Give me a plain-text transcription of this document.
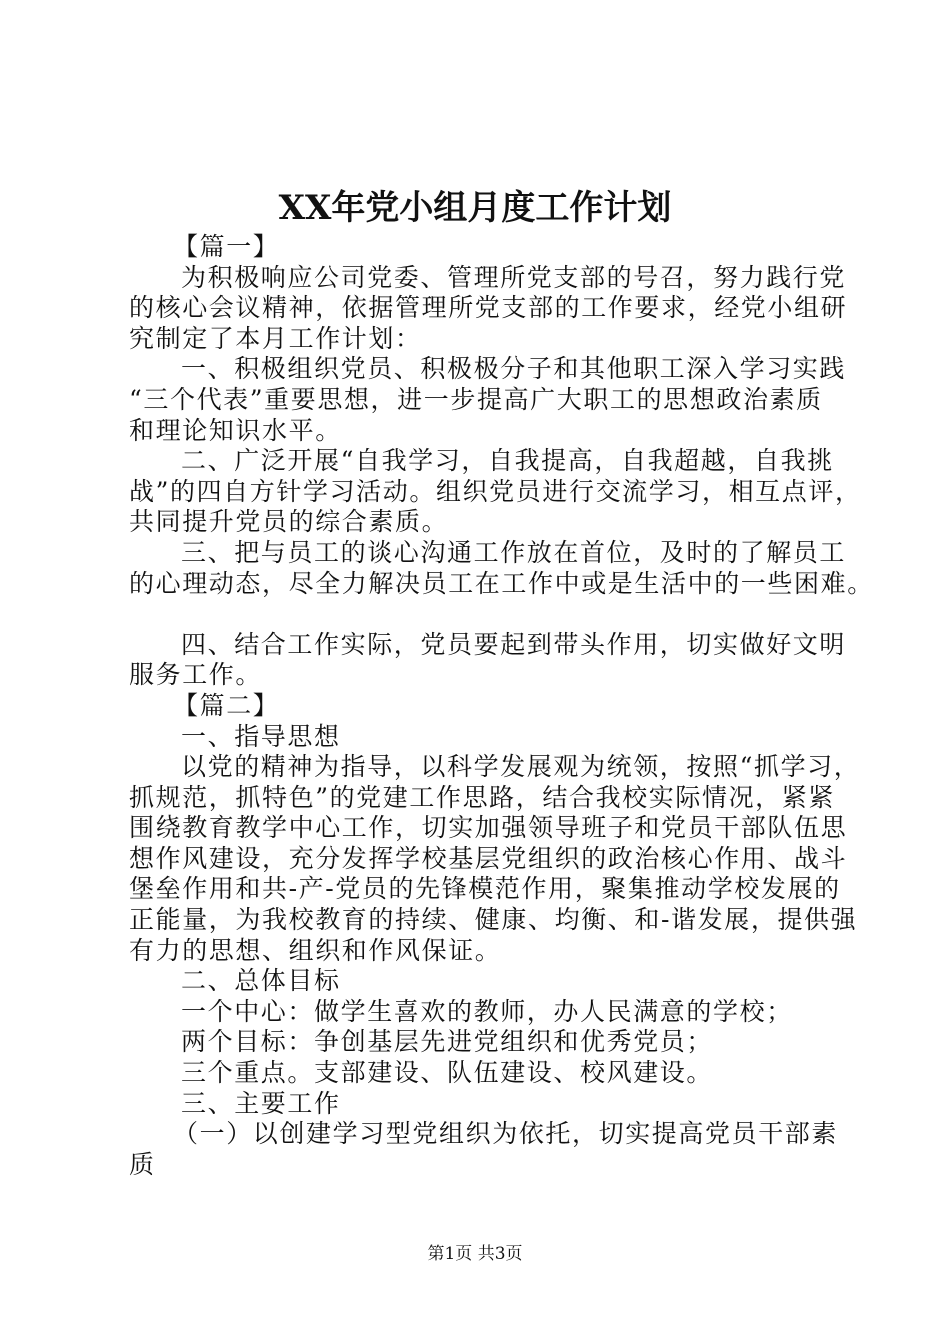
XX年党小组月度工作计划
【篇一】
为积极响应公司党委、管理所党支部的号召，努力践行党
的核心会议精神，依据管理所党支部的工作要求，经党小组研
究制定了本月工作计划：
一、积极组织党员、积极极分子和其他职工深入学习实践
“三个代表”重要思想，进一步提高广大职工的思想政治素质
和理论知识水平。
二、广泛开展“自我学习，自我提高，自我超越，自我挑
战”的四自方针学习活动。组织党员进行交流学习，相互点评，
共同提升党员的综合素质。
三、把与员工的谈心沟通工作放在首位，及时的了解员工
的心理动态，尽全力解决员工在工作中或是生活中的一些困难。
四、结合工作实际，党员要起到带头作用，切实做好文明
服务工作。
【篇二】
一、指导思想
以党的精神为指导，以科学发展观为统领，按照“抓学习，
抓规范，抓特色”的党建工作思路，结合我校实际情况，紧紧
围绕教育教学中心工作，切实加强领导班子和党员干部队伍思
想作风建设，充分发挥学校基层党组织的政治核心作用、战斗
堡垒作用和共-产-党员的先锋模范作用，聚集推动学校发展的
正能量，为我校教育的持续、健康、均衡、和-谐发展，提供强
有力的思想、组织和作风保证。
二、总体目标
一个中心：做学生喜欢的教师，办人民满意的学校；
两个目标：争创基层先进党组织和优秀党员；
三个重点。支部建设、队伍建设、校风建设。
三、主要工作
（一）以创建学习型党组织为依托，切实提高党员干部素
质
第1页 共3页
